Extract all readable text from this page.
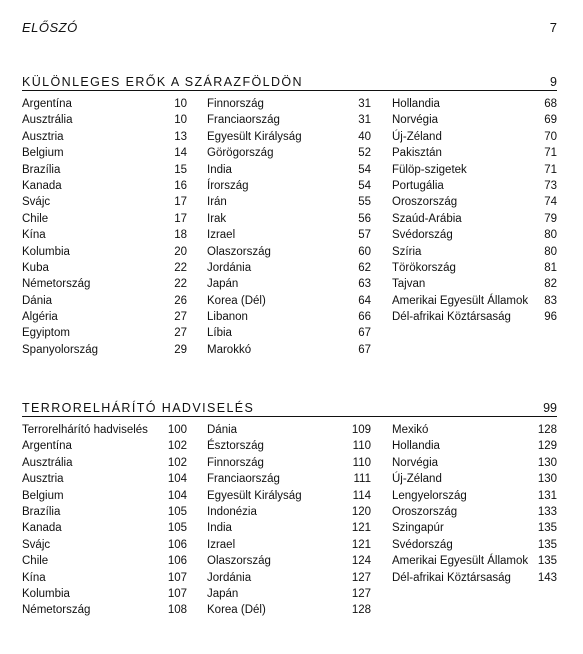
ELŐSZÓ	7
KÜLÖNLEGES ERŐK A SZÁRAZFÖLDÖN	9
Argentína	10
Ausztrália	10
Ausztria	13
Belgium	14
Brazília	15
Kanada	16
Svájc	17
Chile	17
Kína	18
Kolumbia	20
Kuba	22
Németország	22
Dánia	26
Algéria	27
Egyiptom	27
Spanyolország	29
Finnország	31
Franciaország	31
Egyesült Királyság	40
Görögország	52
India	54
Írország	54
Irán	55
Irak	56
Izrael	57
Olaszország	60
Jordánia	62
Japán	63
Korea (Dél)	64
Libanon	66
Líbia	67
Marokkó	67
Hollandia	68
Norvégia	69
Új-Zéland	70
Pakisztán	71
Fülöp-szigetek	71
Portugália	73
Oroszország	74
Szaúd-Arábia	79
Svédország	80
Szíria	80
Törökország	81
Tajvan	82
Amerikai Egyesült Államok 83
Dél-afrikai Köztársaság	96
TERRORELHÁRÍTÓ HADVISELÉS	99
Terrorelhárító hadviselés 100
Argentína	102
Ausztrália	102
Ausztria	104
Belgium	104
Brazília	105
Kanada	105
Svájc	106
Chile	106
Kína	107
Kolumbia	107
Németország	108
Dánia	109
Észtország	110
Finnország	110
Franciaország	111
Egyesült Királyság	114
Indonézia	120
India	121
Izrael	121
Olaszország	124
Jordánia	127
Japán	127
Korea (Dél)	128
Mexikó	128
Hollandia	129
Norvégia	130
Új-Zéland	130
Lengyelország	131
Oroszország	133
Szingapúr	135
Svédország	135
Amerikai Egyesült Államok 135
Dél-afrikai Köztársaság 143
